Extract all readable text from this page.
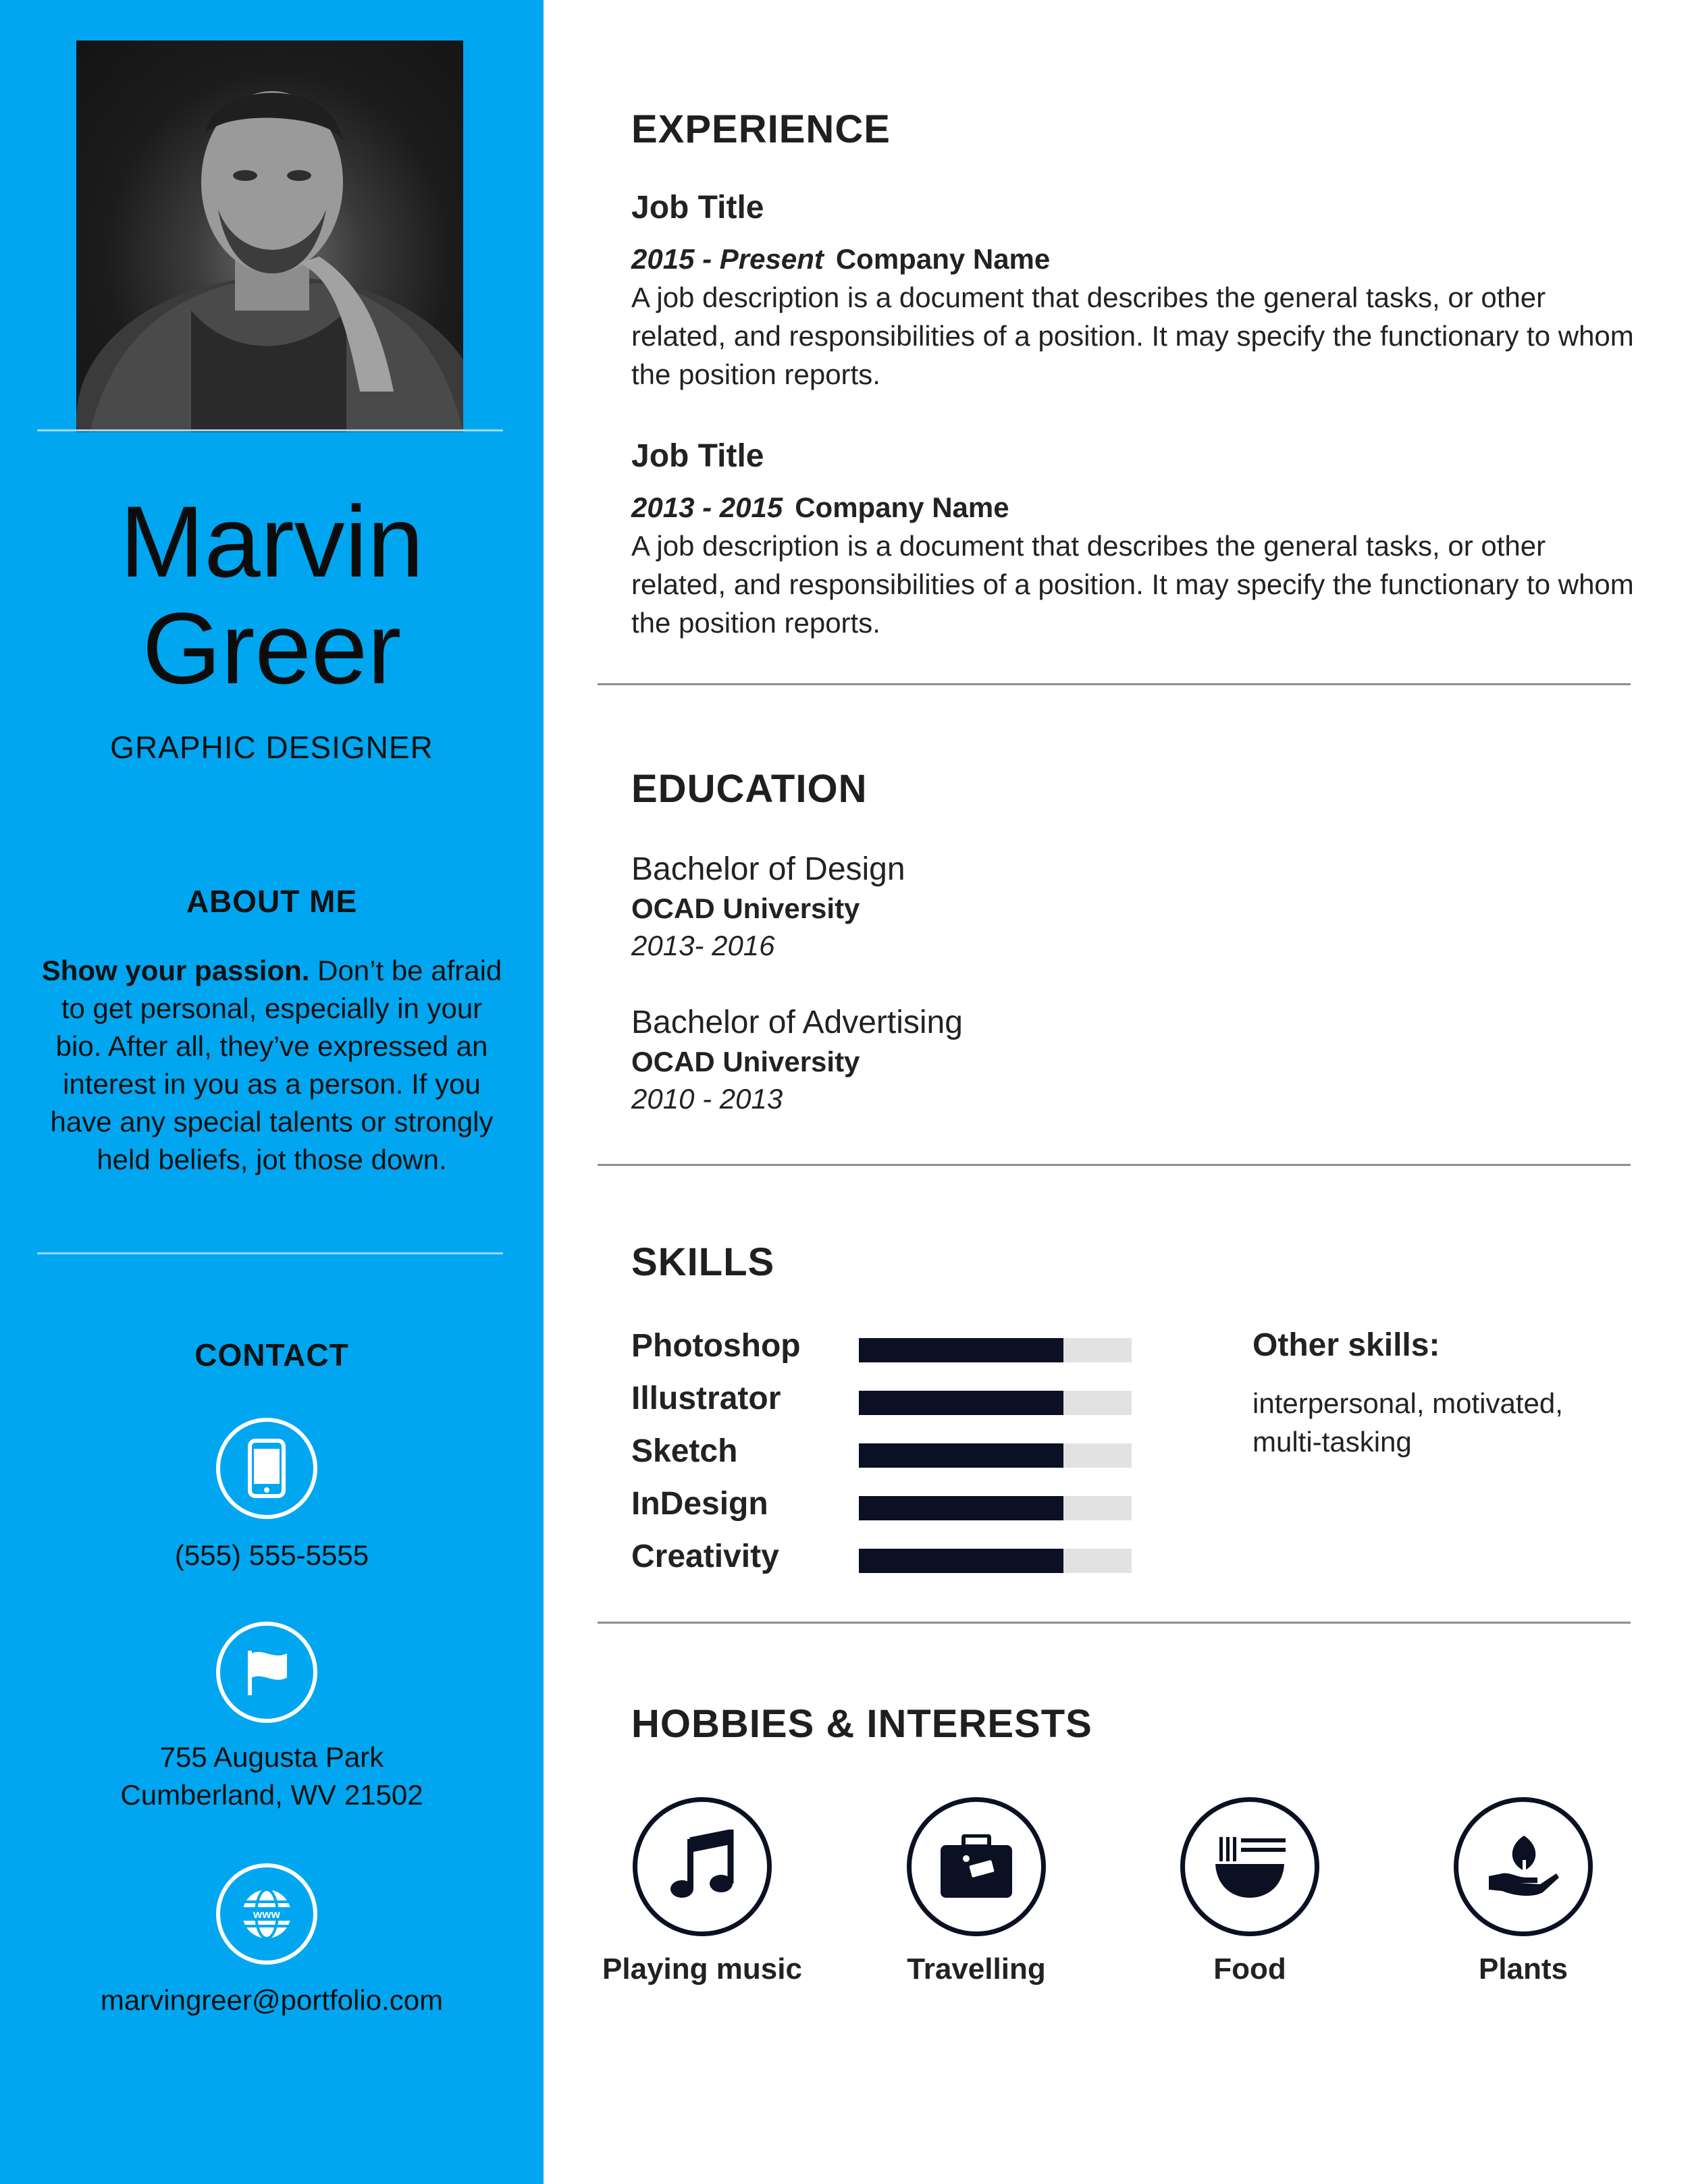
Marvin
Greer
GRAPHIC DESIGNER
ABOUT ME
Show your passion. Don’t be afraid to get personal, especially in your bio. After all, they’ve expressed an interest in you as a person. If you have any special talents or strongly held beliefs, jot those down.
CONTACT
(555) 555-5555
755 Augusta Park
Cumberland, WV 21502
www
marvingreer@portfolio.com
EXPERIENCE
Job Title
2015 - Present Company Name
A job description is a document that describes the general tasks, or other related, and responsibilities of a position. It may specify the functionary to whom the position reports.
Job Title
2013 - 2015 Company Name
A job description is a document that describes the general tasks, or other related, and responsibilities of a position. It may specify the functionary to whom the position reports.
EDUCATION
Bachelor of Design
OCAD University
2013- 2016
Bachelor of Advertising
OCAD University
2010 - 2013
SKILLS
Photoshop
Illustrator
Sketch
InDesign
Creativity
Other skills:
interpersonal, motivated, multi-tasking
HOBBIES & INTERESTS
Playing music	Travelling	Food	Plants
